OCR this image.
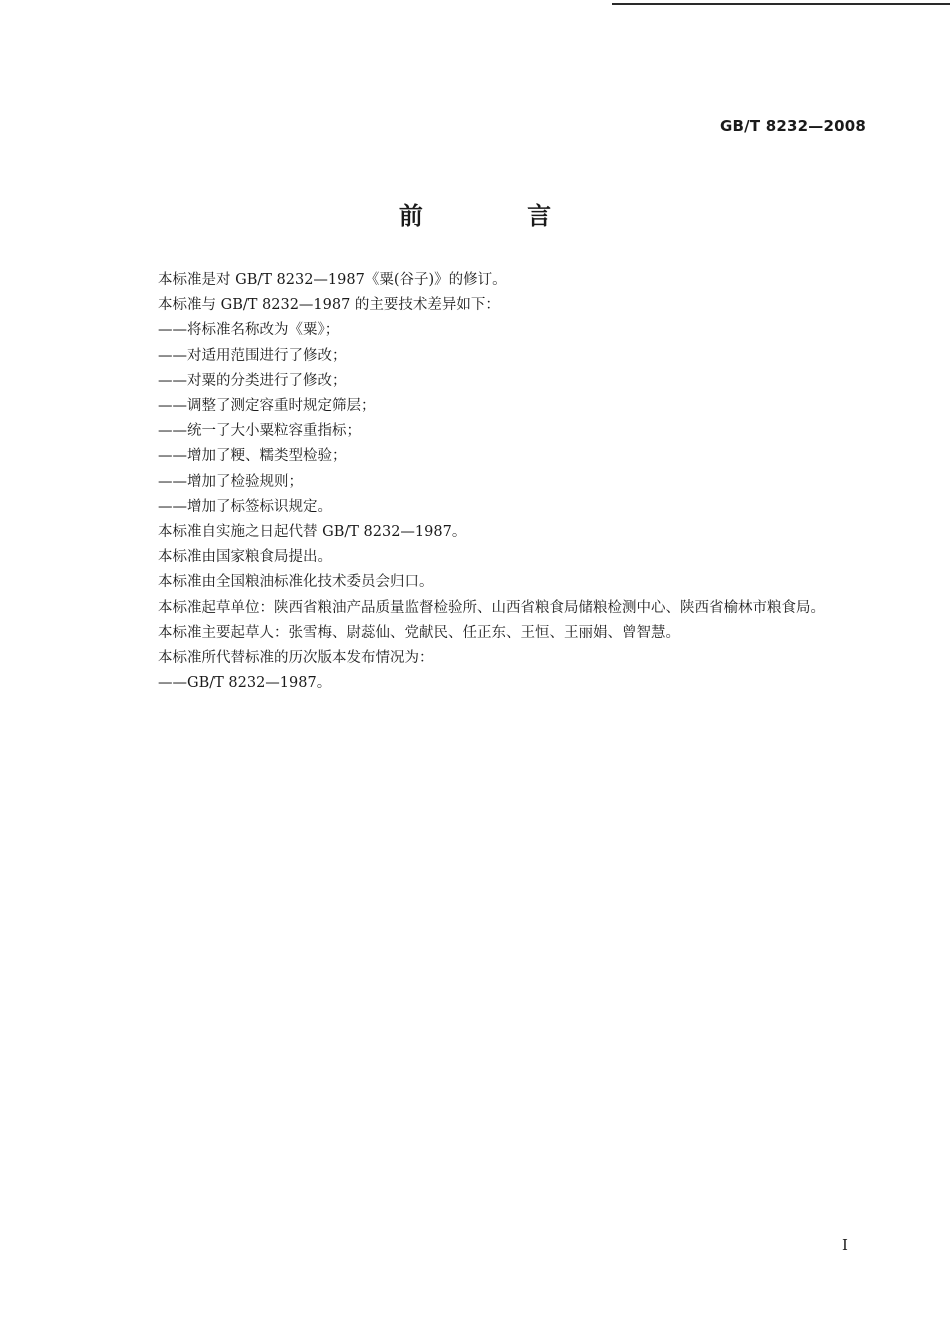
GB/T 8232—2008
前 言

本标准是对 GB/T 8232—1987《粟(谷子)》的修订。

本标准与 GB/T 8232—1987 的主要技术差异如下：

——将标准名称改为《粟》；

——对适用范围进行了修改；

——对粟的分类进行了修改；

——调整了测定容重时规定筛层；

——统一了大小粟粒容重指标；

——增加了粳、糯类型检验；

——增加了检验规则；

——增加了标签标识规定。

本标准自实施之日起代替 GB/T 8232—1987。

本标准由国家粮食局提出。

本标准由全国粮油标准化技术委员会归口。

本标准起草单位：陕西省粮油产品质量监督检验所、山西省粮食局储粮检测中心、陕西省榆林市粮食局。

本标准主要起草人：张雪梅、尉蕊仙、党献民、任正东、王恒、王丽娟、曾智慧。

本标准所代替标准的历次版本发布情况为：

——GB/T 8232—1987。

I
